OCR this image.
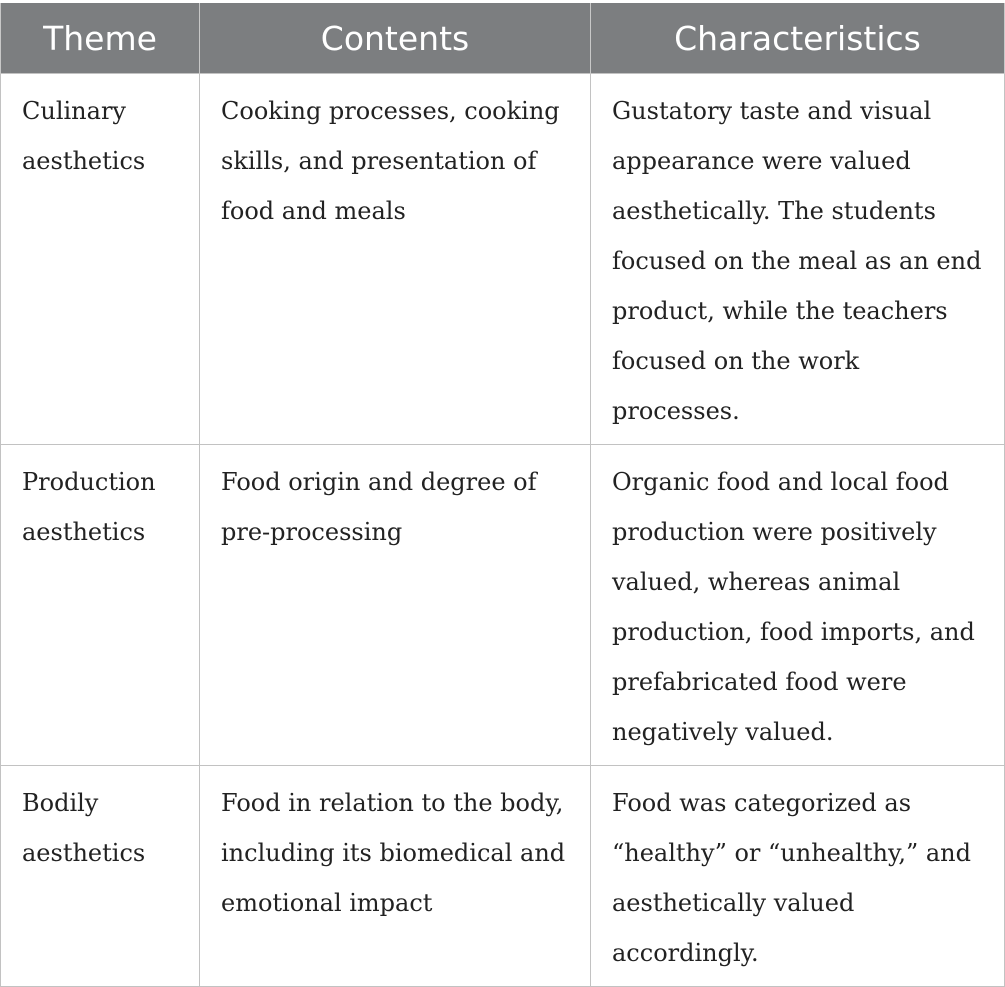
Theme	Contents	Characteristics
Culinary aesthetics	Cooking processes, cooking skills, and presentation of food and meals	Gustatory taste and visual appearance were valued aesthetically. The students focused on the meal as an end product, while the teachers focused on the work processes.
Production aesthetics	Food origin and degree of pre-processing	Organic food and local food production were positively valued, whereas animal production, food imports, and prefabricated food were negatively valued.
Bodily aesthetics	Food in relation to the body, including its biomedical and emotional impact	Food was categorized as “healthy” or “unhealthy,” and aesthetically valued accordingly.
